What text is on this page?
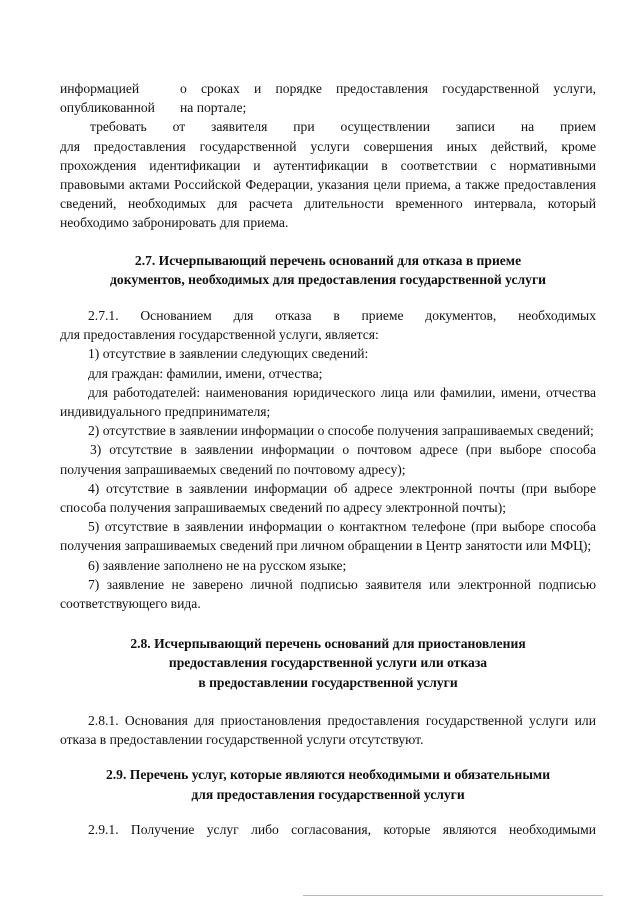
информацией	о сроках и порядке предоставления государственной услуги,
опубликованной	на портале;

требовать от заявителя при осуществлении записи на прием

для предоставления государственной услуги совершения иных действий, кроме прохождения идентификации и аутентификации в соответствии с нормативными правовыми актами Российской Федерации, указания цели приема, а также предоставления сведений, необходимых для расчета длительности временного интервала, который необходимо забронировать для приема.

2.7. Исчерпывающий перечень оснований для отказа в приеме

документов, необходимых для предоставления государственной услуги

2.7.1. Основанием для отказа в приеме документов, необходимых

для предоставления государственной услуги, является:

1) отсутствие в заявлении следующих сведений:

для граждан: фамилии, имени, отчества;

для работодателей: наименования юридического лица или фамилии, имени, отчества индивидуального предпринимателя;

2) отсутствие в заявлении информации о способе получения запрашиваемых сведений;

3) отсутствие в заявлении информации о почтовом адресе (при выборе способа получения запрашиваемых сведений по почтовому адресу);

4) отсутствие в заявлении информации об адресе электронной почты (при выборе способа получения запрашиваемых сведений по адресу электронной почты);

5) отсутствие в заявлении информации о контактном телефоне (при выборе способа получения запрашиваемых сведений при личном обращении в Центр занятости или МФЦ);

6) заявление заполнено не на русском языке;

7) заявление не заверено личной подписью заявителя или электронной подписью соответствующего вида.

2.8. Исчерпывающий перечень оснований для приостановления

предоставления государственной услуги или отказа

в предоставлении государственной услуги

2.8.1. Основания для приостановления предоставления государственной услуги или отказа в предоставлении государственной услуги отсутствуют.

2.9. Перечень услуг, которые являются необходимыми и обязательными

для предоставления государственной услуги

2.9.1. Получение услуг либо согласования, которые являются необходимыми
